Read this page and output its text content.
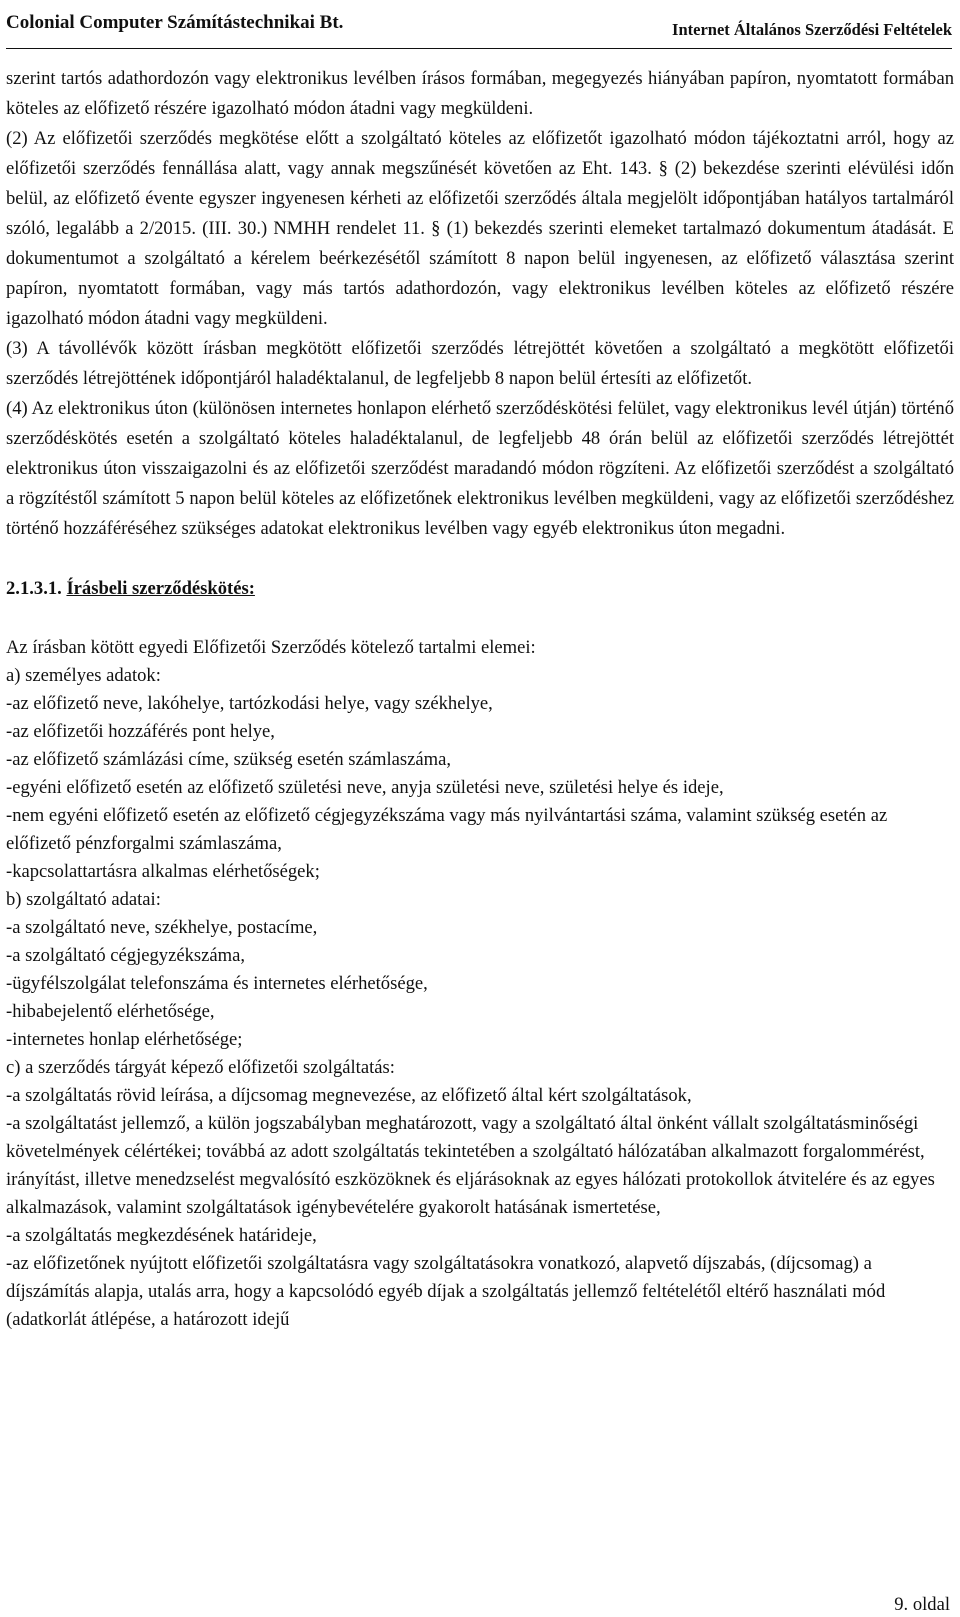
Colonial Computer Számítástechnikai Bt.	Internet Általános Szerződési Feltételek

szerint tartós adathordozón vagy elektronikus levélben írásos formában, megegyezés hiányában papíron, nyomtatott formában köteles az előfizető részére igazolható módon átadni vagy megküldeni.

(2) Az előfizetői szerződés megkötése előtt a szolgáltató köteles az előfizetőt igazolható módon tájékoztatni arról, hogy az előfizetői szerződés fennállása alatt, vagy annak megszűnését követően az Eht. 143. § (2) bekezdése szerinti elévülési időn belül, az előfizető évente egyszer ingyenesen kérheti az előfizetői szerződés általa megjelölt időpontjában hatályos tartalmáról szóló, legalább a 2/2015. (III. 30.) NMHH rendelet 11. § (1) bekezdés szerinti elemeket tartalmazó dokumentum átadását. E dokumentumot a szolgáltató a kérelem beérkezésétől számított 8 napon belül ingyenesen, az előfizető választása szerint papíron, nyomtatott formában, vagy más tartós adathordozón, vagy elektronikus levélben köteles az előfizető részére igazolható módon átadni vagy megküldeni.

(3) A távollévők között írásban megkötött előfizetői szerződés létrejöttét követően a szolgáltató a megkötött előfizetői szerződés létrejöttének időpontjáról haladéktalanul, de legfeljebb 8 napon belül értesíti az előfizetőt.

(4) Az elektronikus úton (különösen internetes honlapon elérhető szerződéskötési felület, vagy elektronikus levél útján) történő szerződéskötés esetén a szolgáltató köteles haladéktalanul, de legfeljebb 48 órán belül az előfizetői szerződés létrejöttét elektronikus úton visszaigazolni és az előfizetői szerződést maradandó módon rögzíteni. Az előfizetői szerződést a szolgáltató a rögzítéstől számított 5 napon belül köteles az előfizetőnek elektronikus levélben megküldeni, vagy az előfizetői szerződéshez történő hozzáféréséhez szükséges adatokat elektronikus levélben vagy egyéb elektronikus úton megadni.

2.1.3.1. Írásbeli szerződéskötés:

Az írásban kötött egyedi Előfizetői Szerződés kötelező tartalmi elemei:

a) személyes adatok:

-az előfizető neve, lakóhelye, tartózkodási helye, vagy székhelye,

-az előfizetői hozzáférés pont helye,

-az előfizető számlázási címe, szükség esetén számlaszáma,

-egyéni előfizető esetén az előfizető születési neve, anyja születési neve, születési helye és ideje,

-nem egyéni előfizető esetén az előfizető cégjegyzékszáma vagy más nyilvántartási száma, valamint szükség esetén az előfizető pénzforgalmi számlaszáma,

-kapcsolattartásra alkalmas elérhetőségek;

b) szolgáltató adatai:

-a szolgáltató neve, székhelye, postacíme,

-a szolgáltató cégjegyzékszáma,

-ügyfélszolgálat telefonszáma és internetes elérhetősége,

-hibabejelentő elérhetősége,

-internetes honlap elérhetősége;

c) a szerződés tárgyát képező előfizetői szolgáltatás:

-a szolgáltatás rövid leírása, a díjcsomag megnevezése, az előfizető által kért szolgáltatások,

-a szolgáltatást jellemző, a külön jogszabályban meghatározott, vagy a szolgáltató által önként vállalt szolgáltatásminőségi követelmények célértékei; továbbá az adott szolgáltatás tekintetében a szolgáltató hálózatában alkalmazott forgalommérést, irányítást, illetve menedzselést megvalósító eszközöknek és eljárásoknak az egyes hálózati protokollok átvitelére és az egyes alkalmazások, valamint szolgáltatások igénybevételére gyakorolt hatásának ismertetése,

-a szolgáltatás megkezdésének határideje,

-az előfizetőnek nyújtott előfizetői szolgáltatásra vagy szolgáltatásokra vonatkozó, alapvető díjszabás, (díjcsomag) a díjszámítás alapja, utalás arra, hogy a kapcsolódó egyéb díjak a szolgáltatás jellemző feltételétől eltérő használati mód (adatkorlát átlépése, a határozott idejű

9. oldal
